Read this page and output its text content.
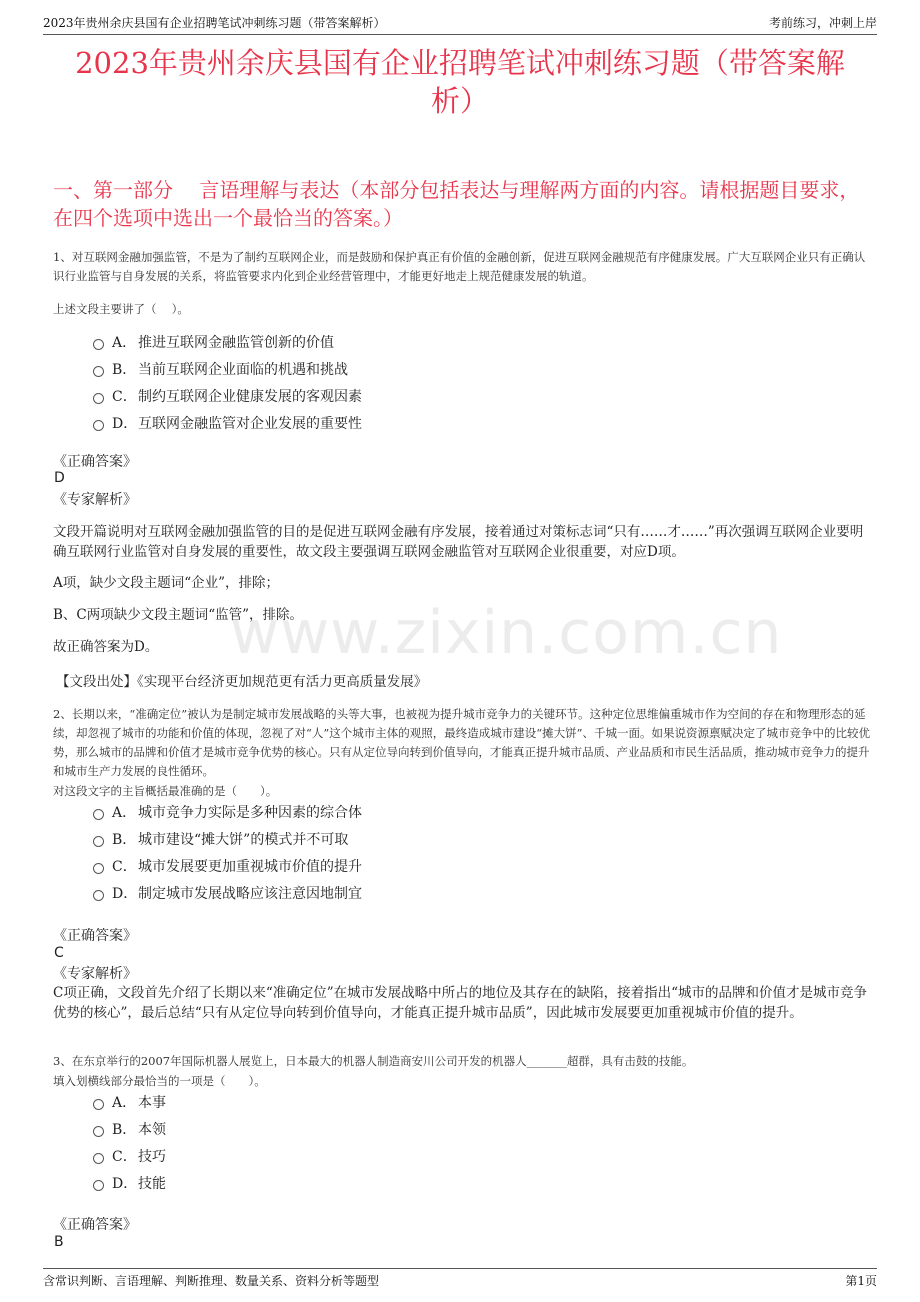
2023年贵州余庆县国有企业招聘笔试冲刺练习题（带答案解析）	考前练习，冲刺上岸
2023年贵州余庆县国有企业招聘笔试冲刺练习题（带答案解析）
一、第一部分　 言语理解与表达（本部分包括表达与理解两方面的内容。请根据题目要求，在四个选项中选出一个最恰当的答案。）
www.zixin.com.cn
1、对互联网金融加强监管，不是为了制约互联网企业，而是鼓励和保护真正有价值的金融创新，促进互联网金融规范有序健康发展。广大互联网企业只有正确认识行业监管与自身发展的关系，将监管要求内化到企业经营管理中，才能更好地走上规范健康发展的轨道。
上述文段主要讲了（　 ）。
A． 推进互联网金融监管创新的价值
B． 当前互联网企业面临的机遇和挑战
C． 制约互联网企业健康发展的客观因素
D． 互联网金融监管对企业发展的重要性
《正确答案》
D
《专家解析》
文段开篇说明对互联网金融加强监管的目的是促进互联网金融有序发展，接着通过对策标志词“只有……才……”再次强调互联网企业要明确互联网行业监管对自身发展的重要性，故文段主要强调互联网金融监管对互联网企业很重要，对应D项。
A项，缺少文段主题词“企业”，排除；
B、C两项缺少文段主题词“监管”，排除。
故正确答案为D。
【文段出处】《实现平台经济更加规范更有活力更高质量发展》
2、长期以来，“准确定位”被认为是制定城市发展战略的头等大事，也被视为提升城市竞争力的关键环节。这种定位思维偏重城市作为空间的存在和物理形态的延续，却忽视了城市的功能和价值的体现，忽视了对“人”这个城市主体的观照，最终造成城市建设“摊大饼”、千城一面。如果说资源禀赋决定了城市竞争中的比较优势，那么城市的品牌和价值才是城市竞争优势的核心。只有从定位导向转到价值导向，才能真正提升城市品质、产业品质和市民生活品质，推动城市竞争力的提升和城市生产力发展的良性循环。
对这段文字的主旨概括最准确的是（　　）。
A． 城市竞争力实际是多种因素的综合体
B． 城市建设“摊大饼”的模式并不可取
C． 城市发展要更加重视城市价值的提升
D． 制定城市发展战略应该注意因地制宜
《正确答案》
C
《专家解析》
C项正确，文段首先介绍了长期以来“准确定位”在城市发展战略中所占的地位及其存在的缺陷，接着指出“城市的品牌和价值才是城市竞争优势的核心”，最后总结“只有从定位导向转到价值导向，才能真正提升城市品质”，因此城市发展要更加重视城市价值的提升。
3、在东京举行的2007年国际机器人展览上，日本最大的机器人制造商安川公司开发的机器人_______超群，具有击鼓的技能。
填入划横线部分最恰当的一项是（　　）。
A． 本事
B． 本领
C． 技巧
D． 技能
《正确答案》
B
含常识判断、言语理解、判断推理、数量关系、资料分析等题型	第1页
